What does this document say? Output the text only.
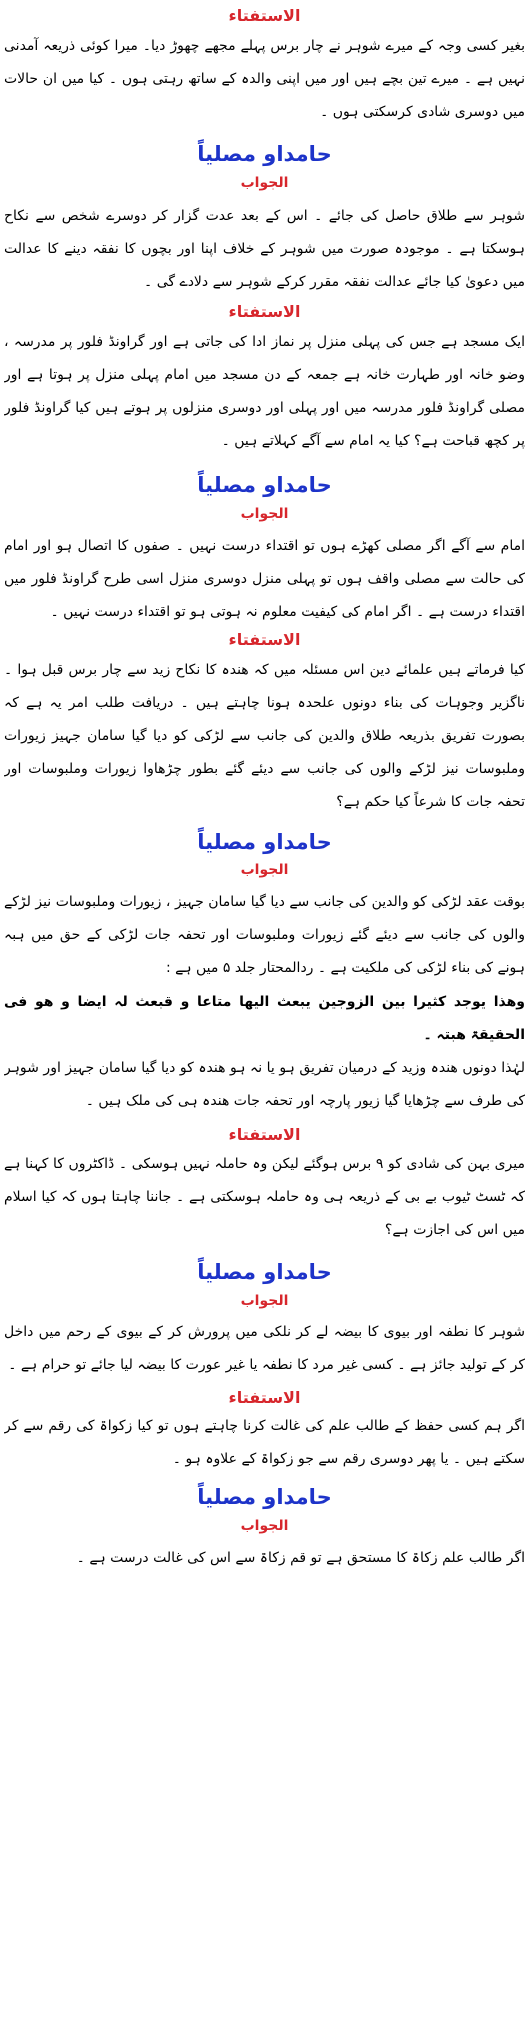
الاستفتاء
بغیر کسی وجہ کے میرے شوہر نے چار برس پہلے مجھے چھوڑ دیا۔ میرا کوئی ذریعہ آمدنی نہیں ہے ۔ میرے تین بچے ہیں اور میں اپنی والدہ کے ساتھ رہتی ہوں ۔ کیا میں ان حالات میں دوسری شادی کرسکتی ہوں ۔
حامداو مصلیاً
الجواب
شوہر سے طلاق حاصل کی جائے ۔ اس کے بعد عدت گزار کر دوسرے شخص سے نکاح ہوسکتا ہے ۔ موجودہ صورت میں شوہر کے خلاف اپنا اور بچوں کا نفقہ دینے کا عدالت میں دعویٰ کیا جائے عدالت نفقہ مقرر کرکے شوہر سے دلادے گی ۔
الاستفتاء
ایک مسجد ہے جس کی پہلی منزل پر نماز ادا کی جاتی ہے اور گراونڈ فلور پر مدرسہ ، وضو خانہ اور طہارت خانہ ہے جمعہ کے دن مسجد میں امام پہلی منزل پر ہوتا ہے اور مصلی گراونڈ فلور مدرسہ میں اور پہلی اور دوسری منزلوں پر ہوتے ہیں کیا گراونڈ فلور پر کچھ قباحت ہے؟ کیا یہ امام سے آگے کہلاتے ہیں ۔
حامداو مصلیاً
الجواب
امام سے آگے اگر مصلی کھڑے ہوں تو اقتداء درست نہیں ۔ صفوں کا اتصال ہو اور امام کی حالت سے مصلی واقف ہوں تو پہلی منزل دوسری منزل اسی طرح گراونڈ فلور میں اقتداء درست ہے ۔ اگر امام کی کیفیت معلوم نہ ہوتی ہو تو اقتداء درست نہیں ۔
الاستفتاء
کیا فرماتے ہیں علمائے دین اس مسئلہ میں کہ ھندہ کا نکاح زید سے چار برس قبل ہوا ۔ ناگزیر وجوہات کی بناء دونوں علحدہ ہونا چاہتے ہیں ۔ دریافت طلب امر یہ ہے کہ بصورت تفریق بذریعہ طلاق والدین کی جانب سے لڑکی کو دیا گیا سامان جہیز زیورات وملبوسات نیز لڑکے والوں کی جانب سے دیئے گئے بطور چڑھاوا زیورات وملبوسات اور تحفہ جات کا شرعاً کیا حکم ہے؟
حامداو مصلیاً
الجواب
بوقت عقد لڑکی کو والدین کی جانب سے دیا گیا سامان جہیز ، زیورات وملبوسات نیز لڑکے والوں کی جانب سے دیئے گئے زیورات وملبوسات اور تحفہ جات لڑکی کے حق میں ہبہ ہونے کی بناء لڑکی کی ملکیت ہے ۔ ردالمحتار جلد ۵ میں ہے :
وھذا یوجد کثیرا بین الزوجین یبعث الیھا متاعا و قبعث لہ ایضا و ھو فی الحقیقۃ ھبتہ ۔
لہٰذا دونوں ھندہ وزید کے درمیان تفریق ہو یا نہ ہو ھندہ کو دیا گیا سامان جہیز اور شوہر کی طرف سے چڑھایا گیا زیور پارچہ اور تحفہ جات ھندہ ہی کی ملک ہیں ۔
الاستفتاء
میری بہن کی شادی کو ۹ برس ہوگئے لیکن وہ حاملہ نہیں ہوسکی ۔ ڈاکٹروں کا کہنا ہے کہ ٹسٹ ٹیوب بے بی کے ذریعہ ہی وہ حاملہ ہوسکتی ہے ۔ جاننا چاہتا ہوں کہ کیا اسلام میں اس کی اجازت ہے؟
حامداو مصلیاً
الجواب
شوہر کا نطفہ اور بیوی کا بیضہ لے کر نلکی میں پرورش کر کے بیوی کے رحم میں داخل کر کے تولید جائز ہے ۔ کسی غیر مرد کا نطفہ یا غیر عورت کا بیضہ لیا جائے تو حرام ہے ۔
الاستفتاء
اگر ہم کسی حفظ کے طالب علم کی غالت کرنا چاہتے ہوں تو کیا زکواۃ کی رقم سے کر سکتے ہیں ۔ یا پھر دوسری رقم سے جو زکواۃ کے علاوہ ہو ۔
حامداو مصلیاً
الجواب
اگر طالب علم زکاۃ کا مستحق ہے تو قم زکاۃ سے اس کی غالت درست ہے ۔
